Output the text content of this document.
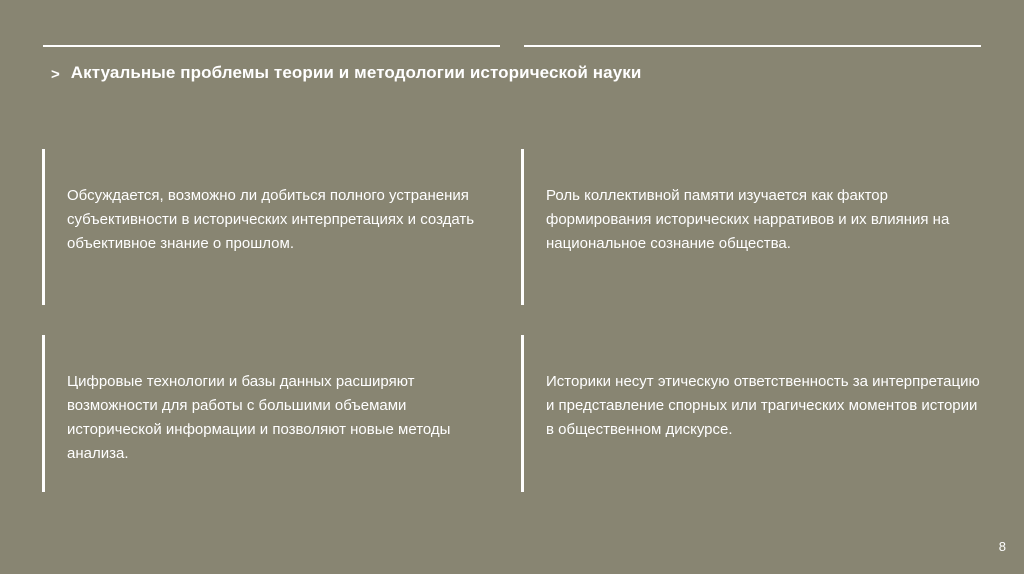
> Актуальные проблемы теории и методологии исторической науки
Обсуждается, возможно ли добиться полного устранения субъективности в исторических интерпретациях и создать объективное знание о прошлом.
Роль коллективной памяти изучается как фактор формирования исторических нарративов и их влияния на национальное сознание общества.
Цифровые технологии и базы данных расширяют возможности для работы с большими объемами исторической информации и позволяют новые методы анализа.
Историки несут этическую ответственность за интерпретацию и представление спорных или трагических моментов истории в общественном дискурсе.
8
